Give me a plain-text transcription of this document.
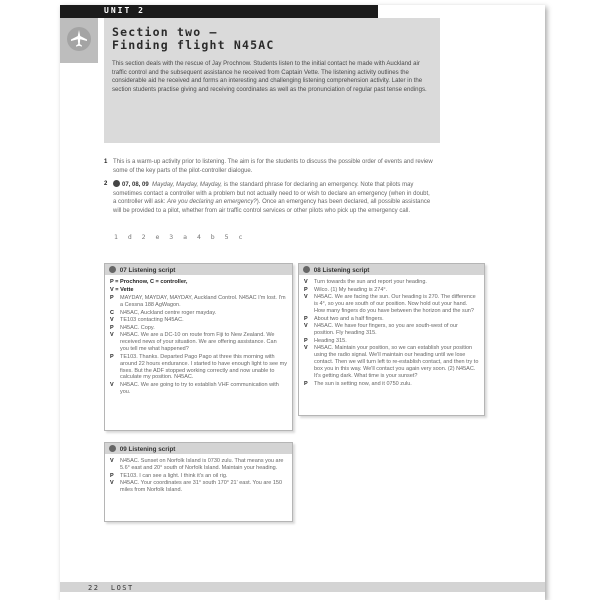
UNIT 2
Section two –
Finding flight N45AC

This section deals with the rescue of Jay Prochnow. Students listen to the initial contact he made with Auckland air traffic control and the subsequent assistance he received from Captain Vette. The listening activity outlines the considerable aid he received and forms an interesting and challenging listening comprehension activity. Later in the section students practise giving and receiving coordinates as well as the pronunciation of regular past tense endings.

1 This is a warm-up activity prior to listening. The aim is for the students to discuss the possible order of events and review some of the key parts of the pilot-controller dialogue.
2	07, 08, 09 Mayday, Mayday, Mayday, is the standard phrase for declaring an emergency. Note that pilots may sometimes contact a controller with a problem but not actually need to or wish to declare an emergency (when in doubt, a controller will ask: Are you declaring an emergency?). Once an emergency has been declared, all possible assistance will be provided to a pilot, whether from air traffic control services or other pilots who pick up the emergency call.
1 d 2 e 3 a 4 b 5 c
07 Listening script
P = Prochnow, C = controller,
V = Vette
P	MAYDAY, MAYDAY, MAYDAY, Auckland Control. N45AC I'm lost. I'm a Cessna 188 AgWagon.
C	N45AC, Auckland centre roger mayday.
V	TE103 contacting N45AC.
P	N45AC. Copy.
V	N45AC. We are a DC-10 on route from Fiji to New Zealand. We received news of your situation. We are offering assistance. Can you tell me what happened?
P	TE103. Thanks. Departed Pago Pago at three this morning with around 22 hours endurance. I started to have enough light to see my fixes. But the ADF stopped working correctly and now unable to calculate my position. N45AC.
V	N45AC. We are going to try to establish VHF communication with you.
08 Listening script
V	Turn towards the sun and report your heading.
P	Wilco. (1) My heading is 274°.
V	N45AC. We are facing the sun. Our heading is 270. The difference is 4°, so you are south of our position. Now hold out your hand. How many fingers do you have between the horizon and the sun?
P	About two and a half fingers.
V	N45AC. We have four fingers, so you are south-west of our position. Fly heading 315.
P	Heading 315.
V	N45AC. Maintain your position, so we can establish your position using the radio signal. We'll maintain our heading until we lose contact. Then we will turn left to re-establish contact, and then try to box you in this way. We'll contact you again very soon. (2) N45AC. It's getting dark. What time is your sunset?
P	The sun is setting now, and it 0750 zulu.
09 Listening script
V	N45AC. Sunset on Norfolk Island is 0730 zulu. That means you are 5.6° east and 20° south of Norfolk Island. Maintain your heading.
P	TE103. I can see a light. I think it's an oil rig.
V	N45AC. Your coordinates are 31° south 170° 21' east. You are 150 miles from Norfolk Island.
22 LOST
